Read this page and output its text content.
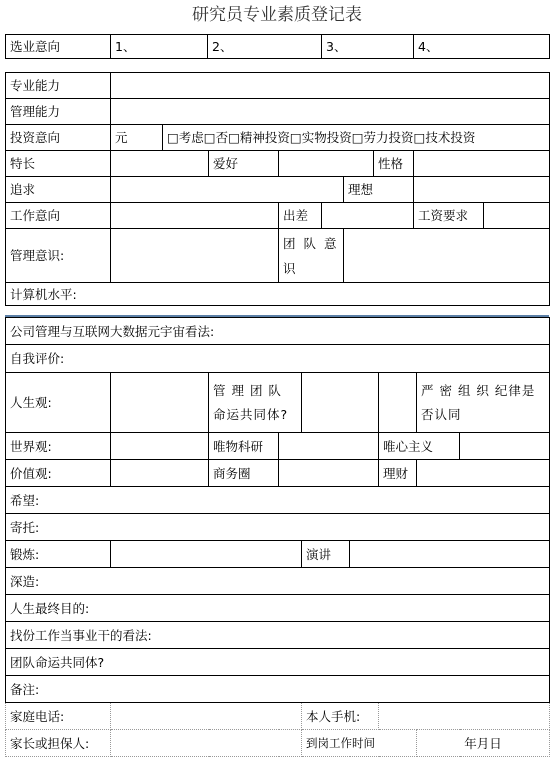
研究员专业素质登记表
选业意向	1、	2、	3、	4、
专业能力									
管理能力									
投资意向	元	□考虑□否□精神投资□实物投资□劳力投资□技术投资							
特长			爱好				性格		
追求						理想			
工作意向				出差				工资要求	
管理意识:				团 队 意识					
计算机水平:									
公司管理与互联网大数据元宇宙看法:								
自我评价:								
人生观:		管 理 团 队 命运共同体?					严 密 组 织 纪律是否认同	
世界观:		唯物科研				唯心主义		
价值观:		商务圈				理财		
希望:								
寄托:								
锻炼:				演讲				
深造:								
人生最终目的:								
找份工作当事业干的看法:								
团队命运共同体?								
备注:								
家庭电话:				本人手机:				
家长或担保人:				到岗工作时间			年月日	
